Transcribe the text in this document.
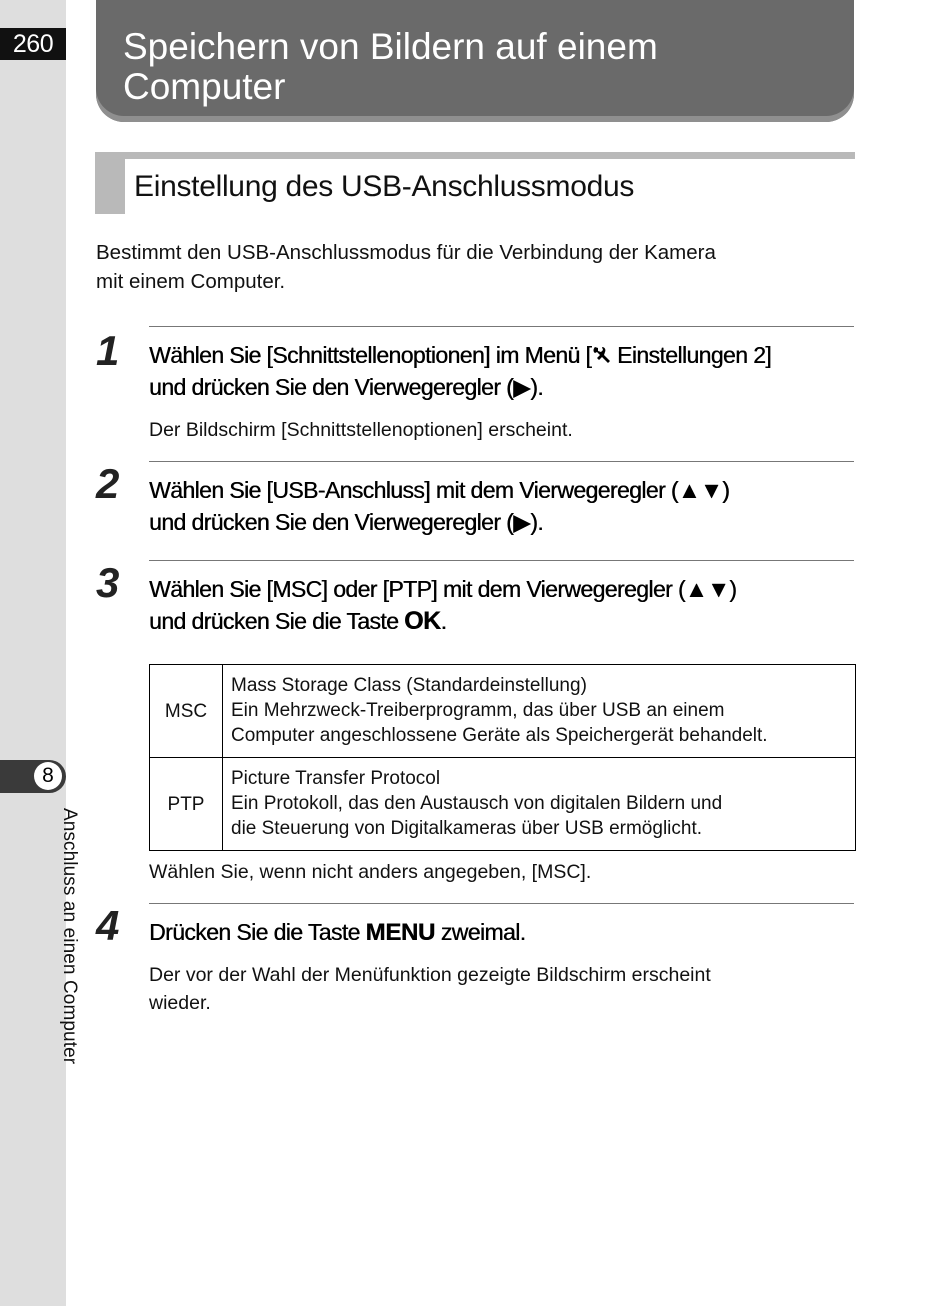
260
8
Anschluss an einen Computer
Speichern von Bildern auf einem
Computer
Einstellung des USB-Anschlussmodus

Bestimmt den USB-Anschlussmodus für die Verbindung der Kamera
mit einem Computer.

1 Wählen Sie [Schnittstellenoptionen] im Menü [ Einstellungen 2]
und drücken Sie den Vierwegeregler (▶).

Der Bildschirm [Schnittstellenoptionen] erscheint.

2 Wählen Sie [USB-Anschluss] mit dem Vierwegeregler (▲▼)
und drücken Sie den Vierwegeregler (▶).
3 Wählen Sie [MSC] oder [PTP] mit dem Vierwegeregler (▲▼)
und drücken Sie die Taste OK.
MSC	Mass Storage Class (Standardeinstellung)
Ein Mehrzweck-Treiberprogramm, das über USB an einem
Computer angeschlossene Geräte als Speichergerät behandelt.

PTP	Picture Transfer Protocol
Ein Protokoll, das den Austausch von digitalen Bildern und
die Steuerung von Digitalkameras über USB ermöglicht.

Wählen Sie, wenn nicht anders angegeben, [MSC].

4 Drücken Sie die Taste MENU zweimal.

Der vor der Wahl der Menüfunktion gezeigte Bildschirm erscheint
wieder.
